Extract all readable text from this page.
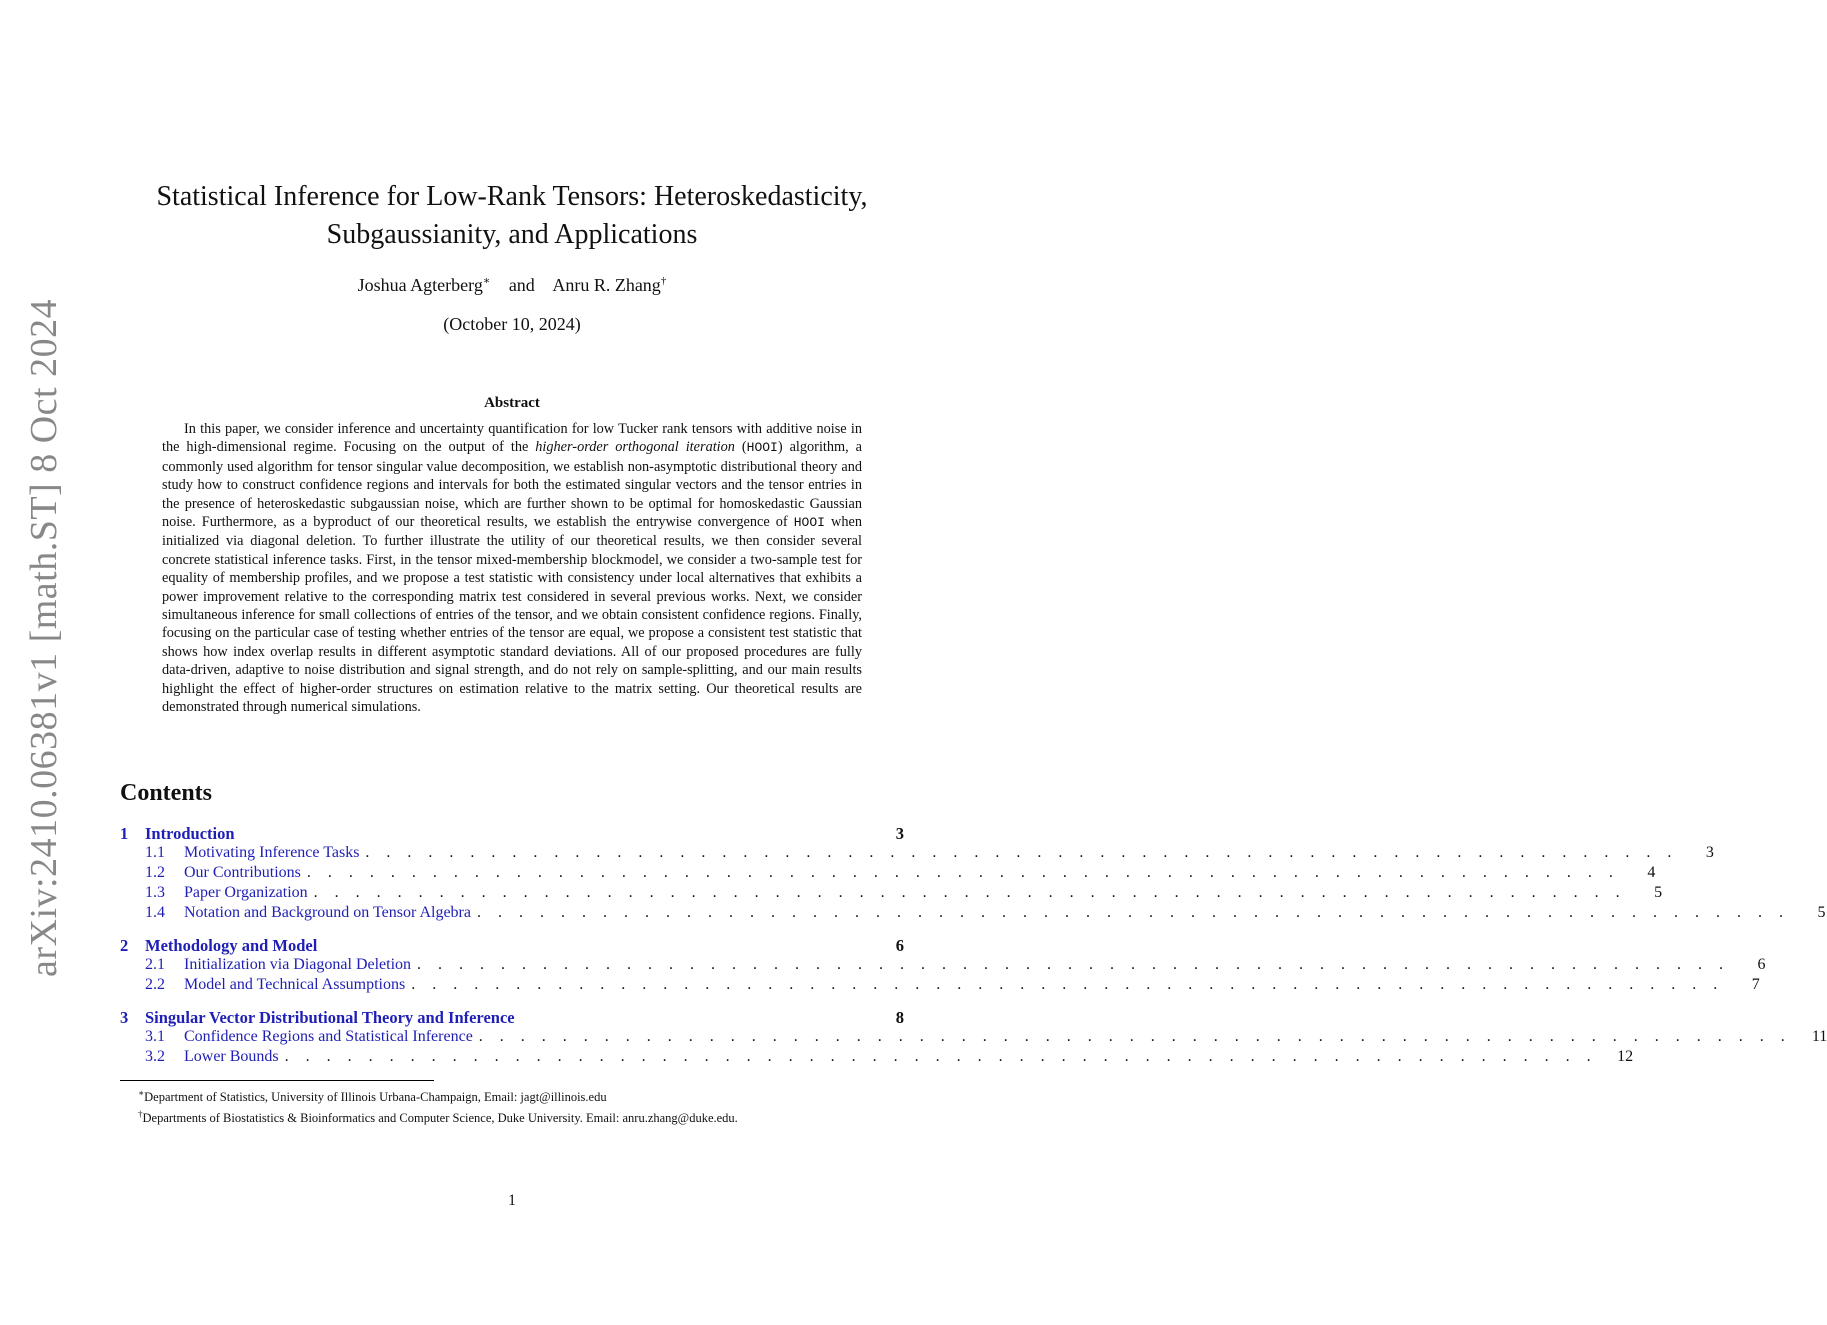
arXiv:2410.06381v1 [math.ST] 8 Oct 2024
Statistical Inference for Low-Rank Tensors: Heteroskedasticity,
Subgaussianity, and Applications
Joshua Agterberg∗ and Anru R. Zhang†
(October 10, 2024)
Abstract

In this paper, we consider inference and uncertainty quantification for low Tucker rank tensors with additive noise in the high-dimensional regime. Focusing on the output of the higher-order orthogonal iteration (HOOI) algorithm, a commonly used algorithm for tensor singular value decomposition, we establish non-asymptotic distributional theory and study how to construct confidence regions and intervals for both the estimated singular vectors and the tensor entries in the presence of heteroskedastic subgaussian noise, which are further shown to be optimal for homoskedastic Gaussian noise. Furthermore, as a byproduct of our theoretical results, we establish the entrywise convergence of HOOI when initialized via diagonal deletion. To further illustrate the utility of our theoretical results, we then consider several concrete statistical inference tasks. First, in the tensor mixed-membership blockmodel, we consider a two-sample test for equality of membership profiles, and we propose a test statistic with consistency under local alternatives that exhibits a power improvement relative to the corresponding matrix test considered in several previous works. Next, we consider simultaneous inference for small collections of entries of the tensor, and we obtain consistent confidence regions. Finally, focusing on the particular case of testing whether entries of the tensor are equal, we propose a consistent test statistic that shows how index overlap results in different asymptotic standard deviations. All of our proposed procedures are fully data-driven, adaptive to noise distribution and signal strength, and do not rely on sample-splitting, and our main results highlight the effect of higher-order structures on estimation relative to the matrix setting. Our theoretical results are demonstrated through numerical simulations.

Contents
1	Introduction	3
1.1	Motivating Inference Tasks . . . . . . . . . . . . . . . . . . . . . . . . . . . . . . . . . . . . . . . . . . . . . . . . . . . . . . . . . . . . . . .	3
1.2	Our Contributions . . . . . . . . . . . . . . . . . . . . . . . . . . . . . . . . . . . . . . . . . . . . . . . . . . . . . . . . . . . . . . .	4
1.3	Paper Organization . . . . . . . . . . . . . . . . . . . . . . . . . . . . . . . . . . . . . . . . . . . . . . . . . . . . . . . . . . . . . . .	5
1.4	Notation and Background on Tensor Algebra . . . . . . . . . . . . . . . . . . . . . . . . . . . . . . . . . . . . . . . . . . . . . . . . . . . . . . . . . . . . . . .	5
2	Methodology and Model	6
2.1	Initialization via Diagonal Deletion . . . . . . . . . . . . . . . . . . . . . . . . . . . . . . . . . . . . . . . . . . . . . . . . . . . . . . . . . . . . . . .	6
2.2	Model and Technical Assumptions . . . . . . . . . . . . . . . . . . . . . . . . . . . . . . . . . . . . . . . . . . . . . . . . . . . . . . . . . . . . . . .	7
3	Singular Vector Distributional Theory and Inference	8
3.1	Confidence Regions and Statistical Inference . . . . . . . . . . . . . . . . . . . . . . . . . . . . . . . . . . . . . . . . . . . . . . . . . . . . . . . . . . . . . . .	11
3.2	Lower Bounds . . . . . . . . . . . . . . . . . . . . . . . . . . . . . . . . . . . . . . . . . . . . . . . . . . . . . . . . . . . . . . .	12
∗Department of Statistics, University of Illinois Urbana-Champaign, Email: jagt@illinois.edu
†Departments of Biostatistics & Bioinformatics and Computer Science, Duke University. Email: anru.zhang@duke.edu.
1
